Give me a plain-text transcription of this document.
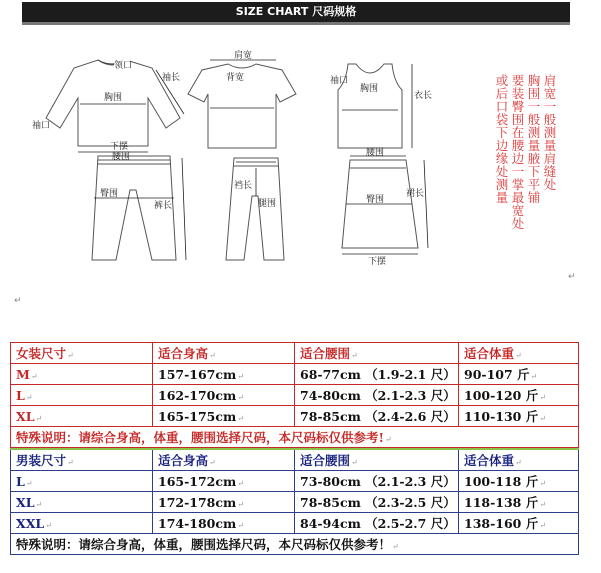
SIZE CHART 尺码规格
领口
袖长
胸围
袖口
下摆
肩宽
背宽	袖口
胸围
衣长
腰围
臀围
裤长
裆长
腿围
腰围
臀围
裙长
下摆
肩宽一般测量肩缝处
胸围一般测量腋下平铺
要装臀围在腰边一掌最宽处
或后口袋下边缘处测量
↵
↵
女装尺寸 ↵	适合身高 ↵	适合腰围 ↵	适合体重 ↵
M ↵	157-167cm ↵	68-77cm （1.9-2.1 尺） ↵	90-107 斤 ↵
L ↵	162-170cm ↵	74-80cm （2.1-2.3 尺） ↵	100-120 斤 ↵
XL ↵	165-175cm ↵	78-85cm （2.4-2.6 尺） ↵	110-130 斤 ↵
特殊说明：请综合身高，体重，腰围选择尺码，本尺码标仅供参考! ↵
男装尺寸 ↵	适合身高 ↵	适合腰围 ↵	适合体重 ↵
L ↵	165-172cm ↵	73-80cm （2.1-2.3 尺） ↵	100-118 斤 ↵
XL ↵	172-178cm ↵	78-85cm （2.3-2.5 尺） ↵	118-138 斤 ↵
XXL ↵	174-180cm ↵	84-94cm （2.5-2.7 尺） ↵	138-160 斤 ↵
特殊说明：请综合身高，体重，腰围选择尺码，本尺码标仅供参考！ ↵
